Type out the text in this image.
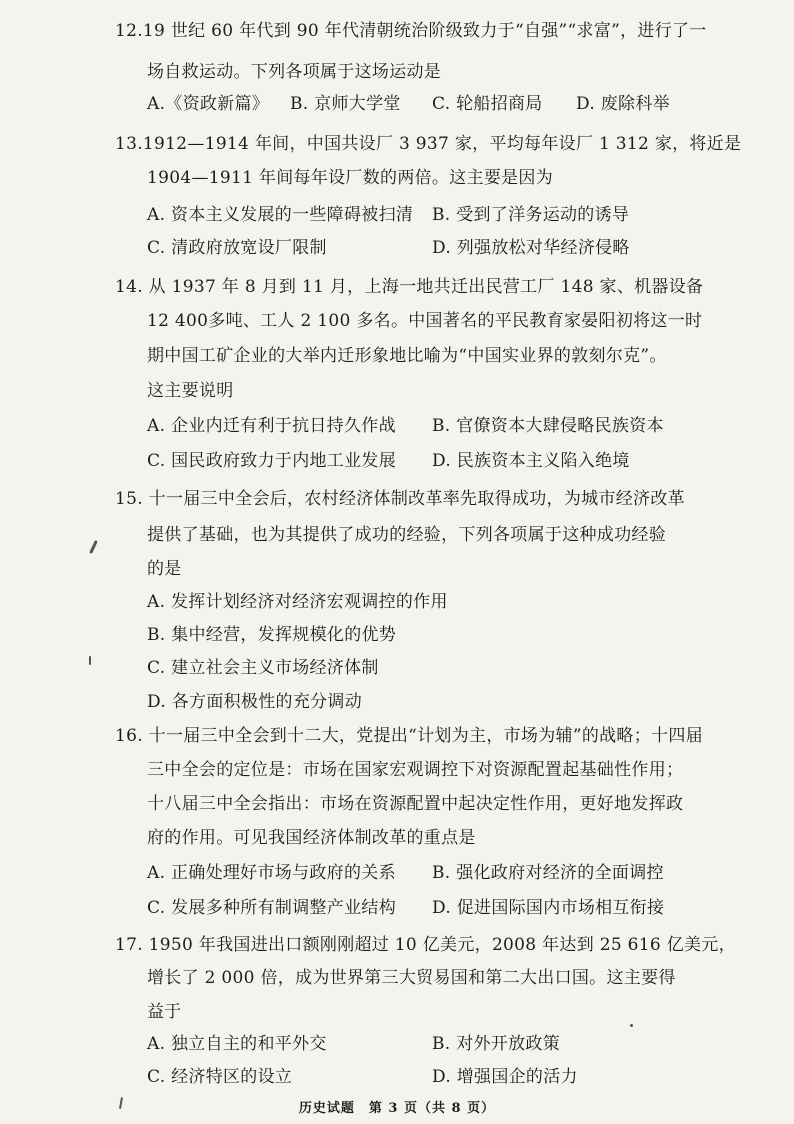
12.19 世纪 60 年代到 90 年代清朝统治阶级致力于“自强”“求富”，进行了一
场自救运动。下列各项属于这场运动是
A.《资政新篇》 B. 京师大学堂 C. 轮船招商局 D. 废除科举
13.1912—1914 年间，中国共设厂 3 937 家，平均每年设厂 1 312 家，将近是
1904—1911 年间每年设厂数的两倍。这主要是因为
A. 资本主义发展的一些障碍被扫清 B. 受到了洋务运动的诱导
C. 清政府放宽设厂限制	D. 列强放松对华经济侵略
14. 从 1937 年 8 月到 11 月，上海一地共迁出民营工厂 148 家、机器设备
12 400多吨、工人 2 100 多名。中国著名的平民教育家晏阳初将这一时
期中国工矿企业的大举内迁形象地比喻为“中国实业界的敦刻尔克”。
这主要说明
A. 企业内迁有利于抗日持久作战 B. 官僚资本大肆侵略民族资本
C. 国民政府致力于内地工业发展 D. 民族资本主义陷入绝境
15. 十一届三中全会后，农村经济体制改革率先取得成功，为城市经济改革
提供了基础，也为其提供了成功的经验，下列各项属于这种成功经验
的是
A. 发挥计划经济对经济宏观调控的作用
B. 集中经营，发挥规模化的优势
C. 建立社会主义市场经济体制
D. 各方面积极性的充分调动
16. 十一届三中全会到十二大，党提出“计划为主，市场为辅”的战略；十四届
三中全会的定位是：市场在国家宏观调控下对资源配置起基础性作用；
十八届三中全会指出：市场在资源配置中起决定性作用，更好地发挥政
府的作用。可见我国经济体制改革的重点是
A. 正确处理好市场与政府的关系 B. 强化政府对经济的全面调控
C. 发展多种所有制调整产业结构 D. 促进国际国内市场相互衔接
17. 1950 年我国进出口额刚刚超过 10 亿美元，2008 年达到 25 616 亿美元，
增长了 2 000 倍，成为世界第三大贸易国和第二大出口国。这主要得
益于
A. 独立自主的和平外交	B. 对外开放政策
C. 经济特区的设立	D. 增强国企的活力
历史试题　第 3 页（共 8 页）
